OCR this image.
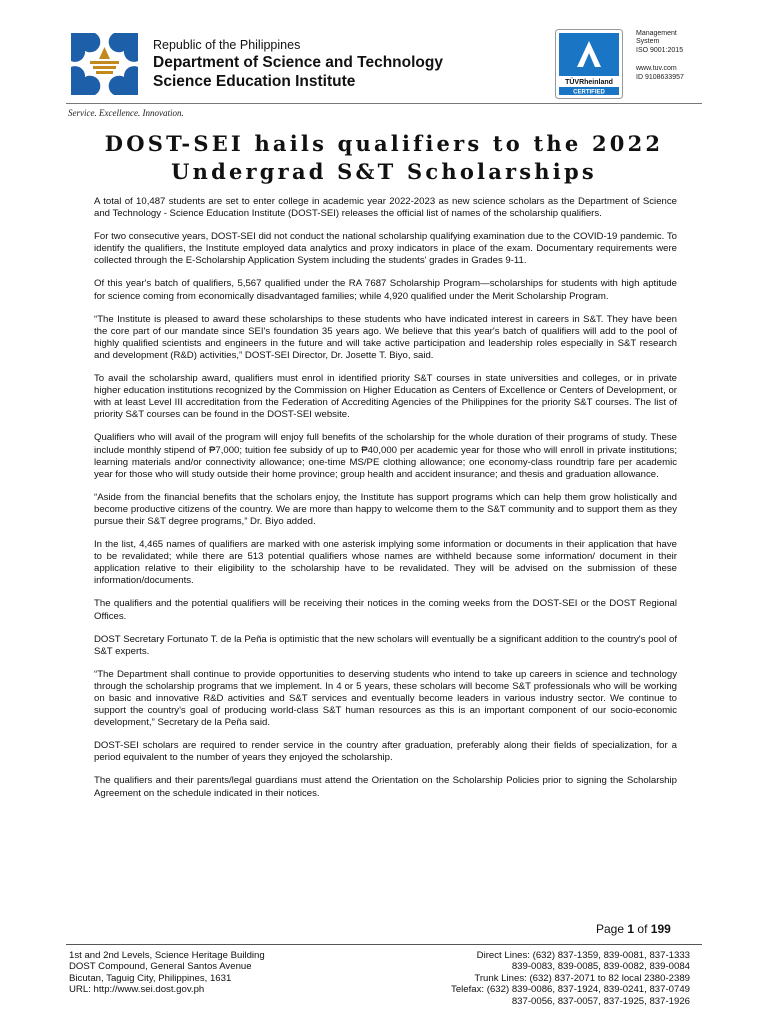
Republic of the Philippines
Department of Science and Technology
Science Education Institute	TÜVRheinland
CERTIFIED
Management
System
ISO 9001:2015
www.tuv.com
ID 9108633957
Service. Excellence. Innovation.
DOST-SEI hails qualifiers to the 2022
Undergrad S&T Scholarships

A total of 10,487 students are set to enter college in academic year 2022-2023 as new science scholars as the Department of Science and Technology - Science Education Institute (DOST-SEI) releases the official list of names of the scholarship qualifiers.

For two consecutive years, DOST-SEI did not conduct the national scholarship qualifying examination due to the COVID-19 pandemic. To identify the qualifiers, the Institute employed data analytics and proxy indicators in place of the exam. Documentary requirements were collected through the E-Scholarship Application System including the students' grades in Grades 9-11.

Of this year's batch of qualifiers, 5,567 qualified under the RA 7687 Scholarship Program—scholarships for students with high aptitude for science coming from economically disadvantaged families; while 4,920 qualified under the Merit Scholarship Program.

“The Institute is pleased to award these scholarships to these students who have indicated interest in careers in S&T. They have been the core part of our mandate since SEI's foundation 35 years ago. We believe that this year's batch of qualifiers will add to the pool of highly qualified scientists and engineers in the future and will take active participation and leadership roles especially in S&T research and development (R&D) activities,” DOST-SEI Director, Dr. Josette T. Biyo, said.

To avail the scholarship award, qualifiers must enrol in identified priority S&T courses in state universities and colleges, or in private higher education institutions recognized by the Commission on Higher Education as Centers of Excellence or Centers of Development, or with at least Level III accreditation from the Federation of Accrediting Agencies of the Philippines for the priority S&T courses. The list of priority S&T courses can be found in the DOST-SEI website.

Qualifiers who will avail of the program will enjoy full benefits of the scholarship for the whole duration of their programs of study. These include monthly stipend of ₱7,000; tuition fee subsidy of up to ₱40,000 per academic year for those who will enroll in private institutions; learning materials and/or connectivity allowance; one-time MS/PE clothing allowance; one economy-class roundtrip fare per academic year for those who will study outside their home province; group health and accident insurance; and thesis and graduation allowance.

“Aside from the financial benefits that the scholars enjoy, the Institute has support programs which can help them grow holistically and become productive citizens of the country. We are more than happy to welcome them to the S&T community and to support them as they pursue their S&T degree programs,” Dr. Biyo added.

In the list, 4,465 names of qualifiers are marked with one asterisk implying some information or documents in their application that have to be revalidated; while there are 513 potential qualifiers whose names are withheld because some information/ document in their application relative to their eligibility to the scholarship have to be revalidated. They will be advised on the submission of these information/documents.

The qualifiers and the potential qualifiers will be receiving their notices in the coming weeks from the DOST-SEI or the DOST Regional Offices.

DOST Secretary Fortunato T. de la Peña is optimistic that the new scholars will eventually be a significant addition to the country's pool of S&T experts.

“The Department shall continue to provide opportunities to deserving students who intend to take up careers in science and technology through the scholarship programs that we implement. In 4 or 5 years, these scholars will become S&T professionals who will be working on basic and innovative R&D activities and S&T services and eventually become leaders in various industry sector. We continue to support the country's goal of producing world-class S&T human resources as this is an important component of our socio-economic development,” Secretary de la Peña said.

DOST-SEI scholars are required to render service in the country after graduation, preferably along their fields of specialization, for a period equivalent to the number of years they enjoyed the scholarship.

The qualifiers and their parents/legal guardians must attend the Orientation on the Scholarship Policies prior to signing the Scholarship Agreement on the schedule indicated in their notices.

Page 1 of 199
1st and 2nd Levels, Science Heritage Building
DOST Compound, General Santos Avenue
Bicutan, Taguig City, Philippines, 1631
URL: http://www.sei.dost.gov.ph
Direct Lines: (632) 837-1359, 839-0081, 837-1333
839-0083, 839-0085, 839-0082, 839-0084
Trunk Lines: (632) 837-2071 to 82 local 2380-2389
Telefax: (632) 839-0086, 837-1924, 839-0241, 837-0749
837-0056, 837-0057, 837-1925, 837-1926
